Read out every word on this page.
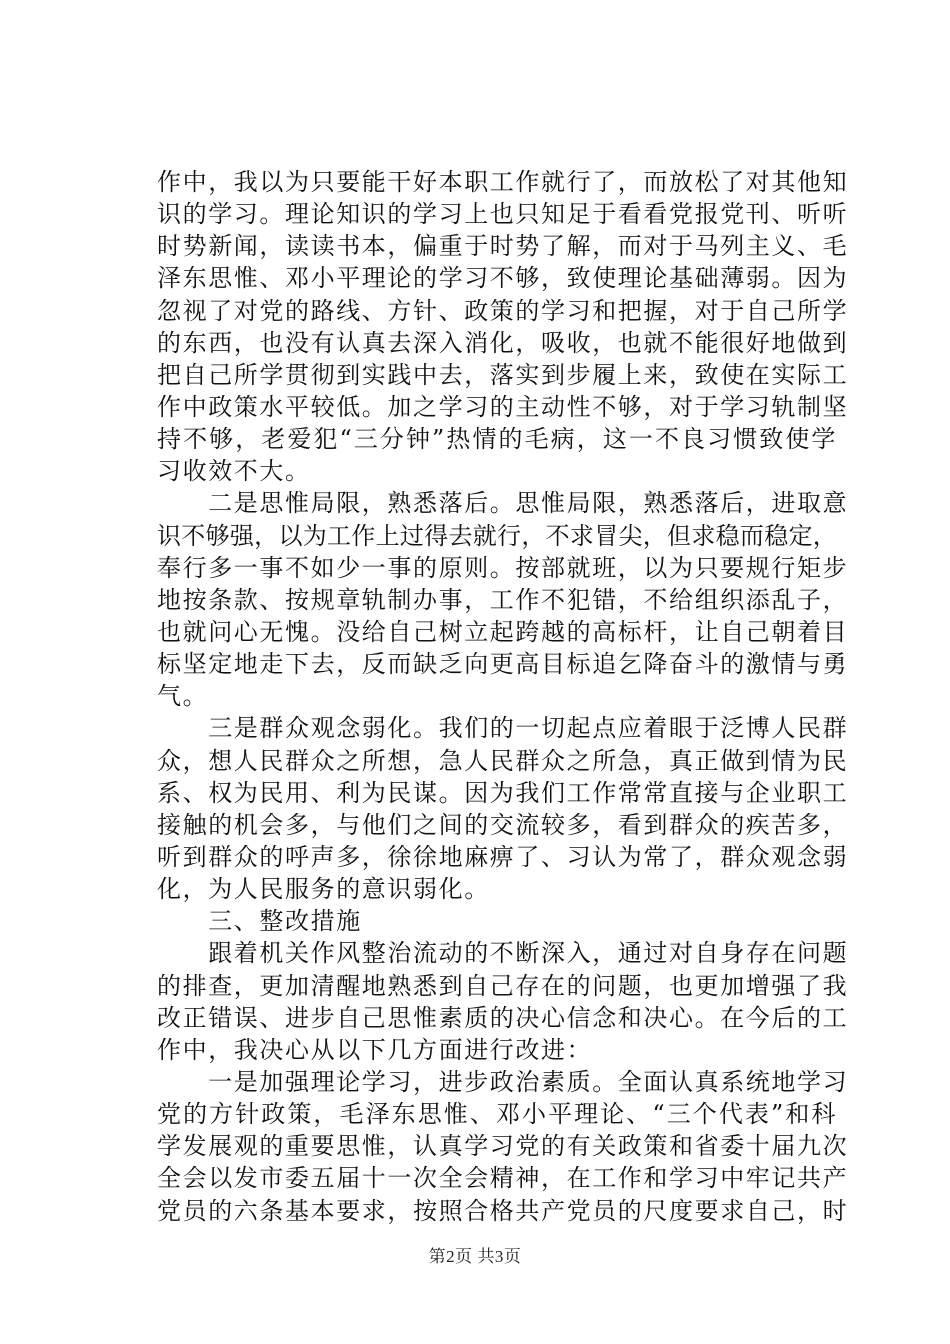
作中，我以为只要能干好本职工作就行了，而放松了对其他知
识的学习。理论知识的学习上也只知足于看看党报党刊、听听
时势新闻，读读书本，偏重于时势了解，而对于马列主义、毛
泽东思惟、邓小平理论的学习不够，致使理论基础薄弱。因为
忽视了对党的路线、方针、政策的学习和把握，对于自己所学
的东西，也没有认真去深入消化，吸收，也就不能很好地做到
把自己所学贯彻到实践中去，落实到步履上来，致使在实际工
作中政策水平较低。加之学习的主动性不够，对于学习轨制坚
持不够，老爱犯“三分钟”热情的毛病，这一不良习惯致使学
习收效不大。
　　二是思惟局限，熟悉落后。思惟局限，熟悉落后，进取意
识不够强，以为工作上过得去就行，不求冒尖，但求稳而稳定，
奉行多一事不如少一事的原则。按部就班，以为只要规行矩步
地按条款、按规章轨制办事，工作不犯错，不给组织添乱子，
也就问心无愧。没给自己树立起跨越的高标杆，让自己朝着目
标坚定地走下去，反而缺乏向更高目标追乞降奋斗的激情与勇
气。
　　三是群众观念弱化。我们的一切起点应着眼于泛博人民群
众，想人民群众之所想，急人民群众之所急，真正做到情为民
系、权为民用、利为民谋。因为我们工作常常直接与企业职工
接触的机会多，与他们之间的交流较多，看到群众的疾苦多，
听到群众的呼声多，徐徐地麻痹了、习认为常了，群众观念弱
化，为人民服务的意识弱化。
　　三、整改措施
　　跟着机关作风整治流动的不断深入，通过对自身存在问题
的排查，更加清醒地熟悉到自己存在的问题，也更加增强了我
改正错误、进步自己思惟素质的决心信念和决心。在今后的工
作中，我决心从以下几方面进行改进：
　　一是加强理论学习，进步政治素质。全面认真系统地学习
党的方针政策，毛泽东思惟、邓小平理论、“三个代表”和科
学发展观的重要思惟，认真学习党的有关政策和省委十届九次
全会以发市委五届十一次全会精神，在工作和学习中牢记共产
党员的六条基本要求，按照合格共产党员的尺度要求自己，时
第2页 共3页
